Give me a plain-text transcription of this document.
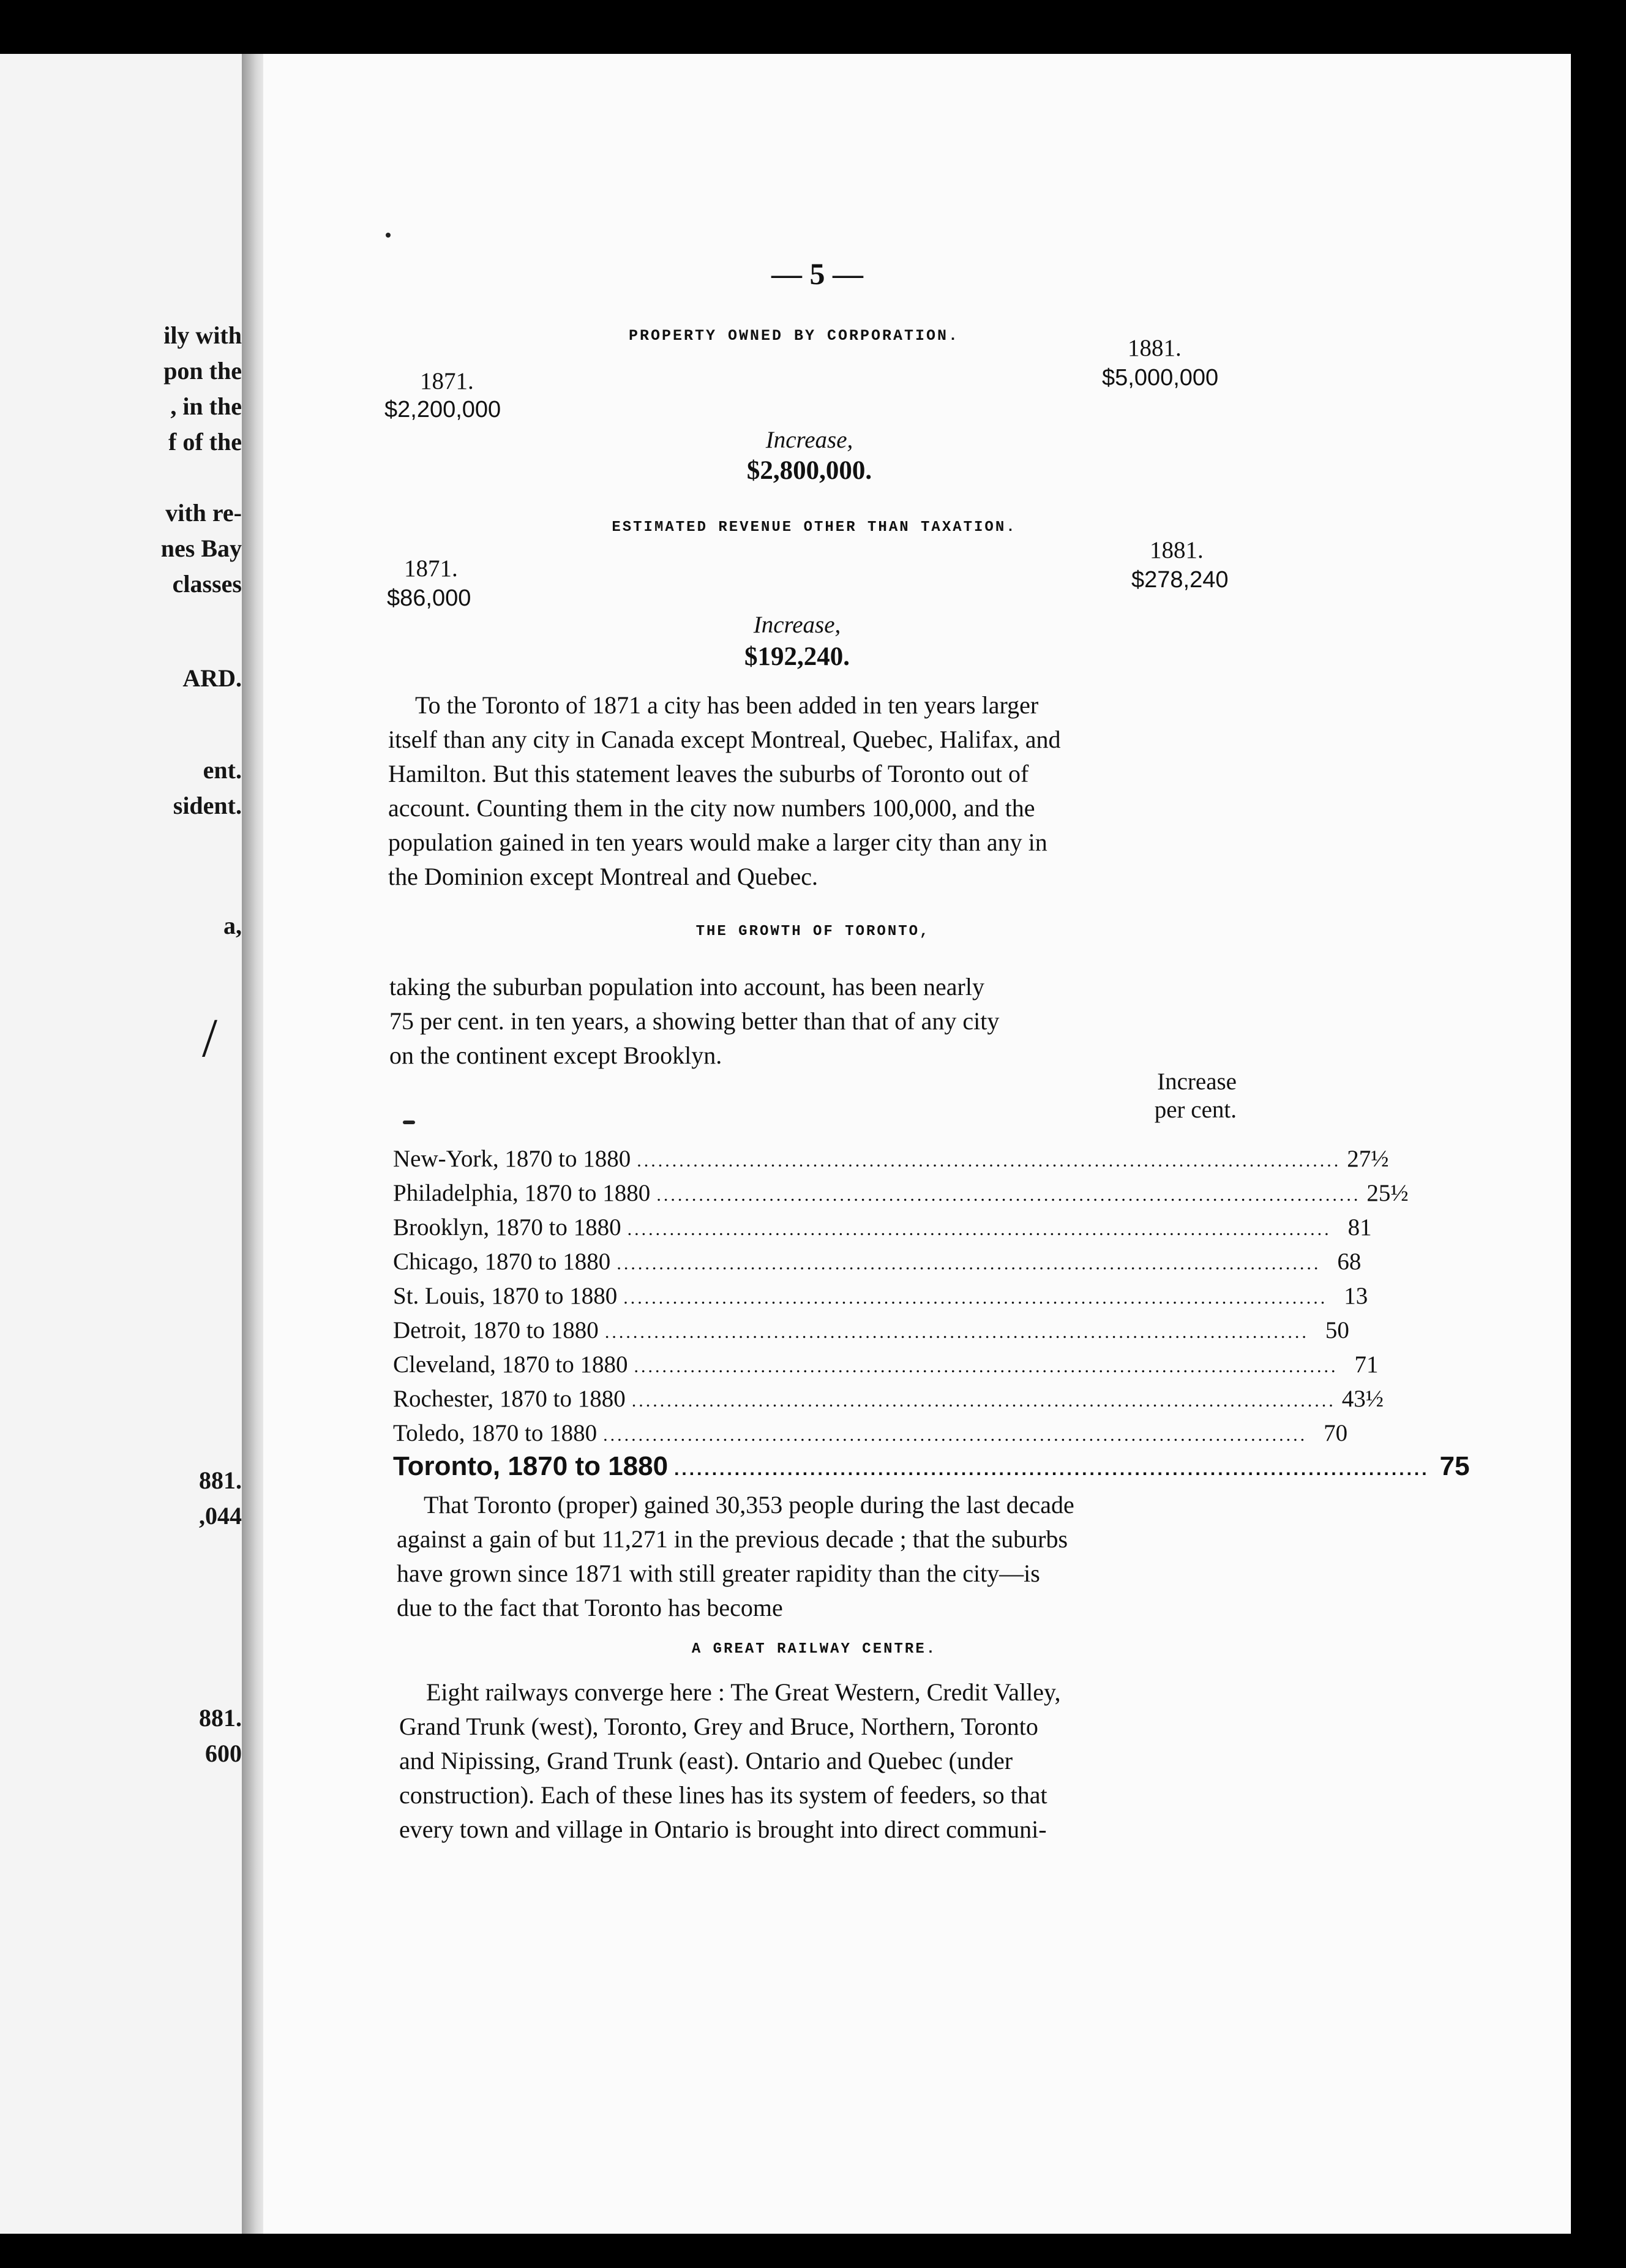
ily with
pon the
, in the
f of the
vith re-
nes Bay
classes
ARD.
ent.
sident.
a,
/
881.
,044
881.
600
— 5 —
PROPERTY OWNED BY CORPORATION.
1871.
$2,200,000
1881.
$5,000,000
Increase,
$2,800,000.
ESTIMATED REVENUE OTHER THAN TAXATION.
1871.
$86,000
1881.
$278,240
Increase,
$192,240.
To the Toronto of 1871 a city has been added in ten years larger
itself than any city in Canada except Montreal, Quebec, Halifax, and
Hamilton. But this statement leaves the suburbs of Toronto out of
account. Counting them in the city now numbers 100,000, and the
population gained in ten years would make a larger city than any in
the Dominion except Montreal and Quebec.
THE GROWTH OF TORONTO,
taking the suburban population into account, has been nearly
75 per cent. in ten years, a showing better than that of any city
on the continent except Brooklyn.
Increase
per cent.
New-York, 1870 to 1880 .................................................................................................... 27½
Philadelphia, 1870 to 1880 .................................................................................................... 25½
Brooklyn, 1870 to 1880 .................................................................................................... 81
Chicago, 1870 to 1880 .................................................................................................... 68
St. Louis, 1870 to 1880 .................................................................................................... 13
Detroit, 1870 to 1880 .................................................................................................... 50
Cleveland, 1870 to 1880 .................................................................................................... 71
Rochester, 1870 to 1880 .................................................................................................... 43½
Toledo, 1870 to 1880 .................................................................................................... 70
Toronto, 1870 to 1880 .................................................................................................... 75
That Toronto (proper) gained 30,353 people during the last decade
against a gain of but 11,271 in the previous decade ; that the suburbs
have grown since 1871 with still greater rapidity than the city—is
due to the fact that Toronto has become
A GREAT RAILWAY CENTRE.
Eight railways converge here : The Great Western, Credit Valley,
Grand Trunk (west), Toronto, Grey and Bruce, Northern, Toronto
and Nipissing, Grand Trunk (east). Ontario and Quebec (under
construction). Each of these lines has its system of feeders, so that
every town and village in Ontario is brought into direct communi-
